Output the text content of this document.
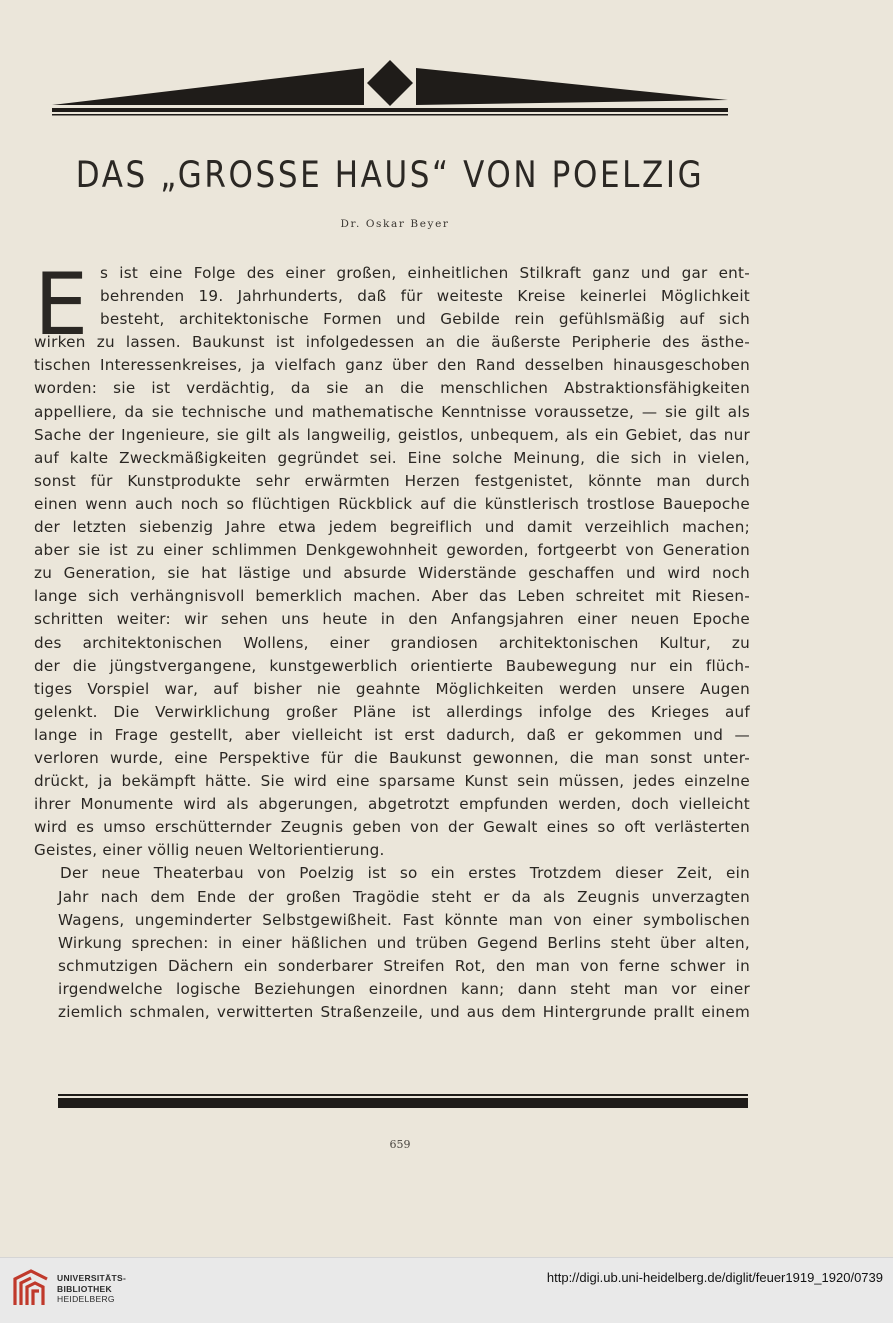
DAS „GROSSE HAUS“ VON POELZIG
Dr. Oskar Beyer
E s ist eine Folge des einer großen, einheitlichen Stilkraft ganz und gar ent-
behrenden 19. Jahrhunderts, daß für weiteste Kreise keinerlei Möglichkeit
besteht, architektonische Formen und Gebilde rein gefühlsmäßig auf sich
wirken zu lassen. Baukunst ist infolgedessen an die äußerste Peripherie des ästhe-
tischen Interessenkreises, ja vielfach ganz über den Rand desselben hinausgeschoben
worden: sie ist verdächtig, da sie an die menschlichen Abstraktionsfähigkeiten
appelliere, da sie technische und mathematische Kenntnisse voraussetze, — sie gilt als
Sache der Ingenieure, sie gilt als langweilig, geistlos, unbequem, als ein Gebiet, das nur
auf kalte Zweckmäßigkeiten gegründet sei. Eine solche Meinung, die sich in vielen,
sonst für Kunstprodukte sehr erwärmten Herzen festgenistet, könnte man durch
einen wenn auch noch so flüchtigen Rückblick auf die künstlerisch trostlose Bauepoche
der letzten siebenzig Jahre etwa jedem begreiflich und damit verzeihlich machen;
aber sie ist zu einer schlimmen Denkgewohnheit geworden, fortgeerbt von Generation
zu Generation, sie hat lästige und absurde Widerstände geschaffen und wird noch
lange sich verhängnisvoll bemerklich machen. Aber das Leben schreitet mit Riesen-
schritten weiter: wir sehen uns heute in den Anfangsjahren einer neuen Epoche
des architektonischen Wollens, einer grandiosen architektonischen Kultur, zu
der die jüngstvergangene, kunstgewerblich orientierte Baubewegung nur ein flüch-
tiges Vorspiel war, auf bisher nie geahnte Möglichkeiten werden unsere Augen
gelenkt. Die Verwirklichung großer Pläne ist allerdings infolge des Krieges auf
lange in Frage gestellt, aber vielleicht ist erst dadurch, daß er gekommen und —
verloren wurde, eine Perspektive für die Baukunst gewonnen, die man sonst unter-
drückt, ja bekämpft hätte. Sie wird eine sparsame Kunst sein müssen, jedes einzelne
ihrer Monumente wird als abgerungen, abgetrotzt empfunden werden, doch vielleicht
wird es umso erschütternder Zeugnis geben von der Gewalt eines so oft verlästerten
Geistes, einer völlig neuen Weltorientierung.
Der neue Theaterbau von Poelzig ist so ein erstes Trotzdem dieser Zeit, ein
Jahr nach dem Ende der großen Tragödie steht er da als Zeugnis unverzagten
Wagens, ungeminderter Selbstgewißheit. Fast könnte man von einer symbolischen
Wirkung sprechen: in einer häßlichen und trüben Gegend Berlins steht über alten,
schmutzigen Dächern ein sonderbarer Streifen Rot, den man von ferne schwer in
irgendwelche logische Beziehungen einordnen kann; dann steht man vor einer
ziemlich schmalen, verwitterten Straßenzeile, und aus dem Hintergrunde prallt einem
659
UNIVERSITÄTS-
BIBLIOTHEK
HEIDELBERG
http://digi.ub.uni-heidelberg.de/diglit/feuer1919_1920/0739
